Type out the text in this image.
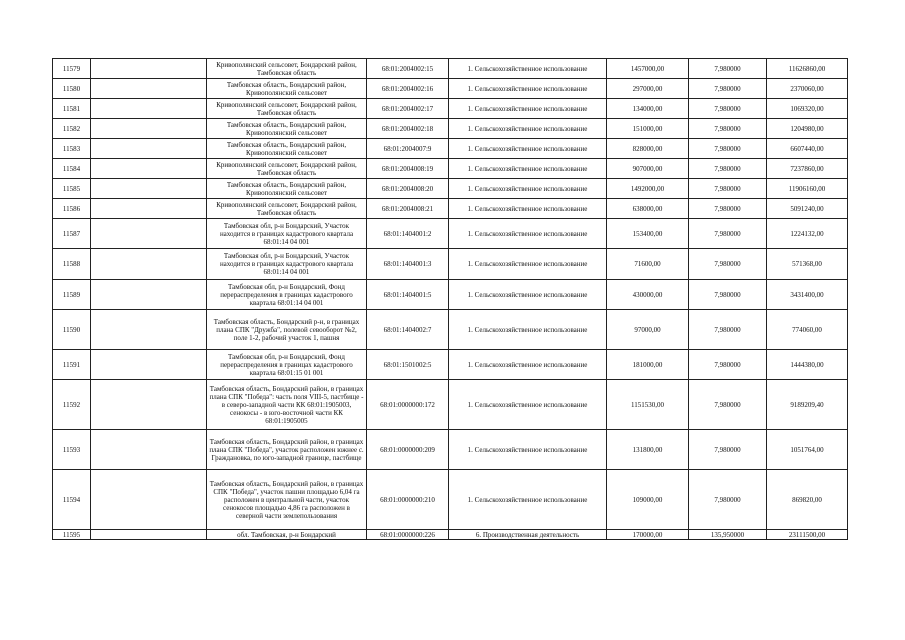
11579		Кривополянский сельсовет, Бондарский район, Тамбовская область	68:01:2004002:15	1. Сельскохозяйственное использование	1457000,00	7,980000	11626860,00
11580		Тамбовская область, Бондарский район, Кривополянский сельсовет	68:01:2004002:16	1. Сельскохозяйственное использование	297000,00	7,980000	2370060,00
11581		Кривополянский сельсовет, Бондарский район, Тамбовская область	68:01:2004002:17	1. Сельскохозяйственное использование	134000,00	7,980000	1069320,00
11582		Тамбовская область, Бондарский район, Кривополянский сельсовет	68:01:2004002:18	1. Сельскохозяйственное использование	151000,00	7,980000	1204980,00
11583		Тамбовская область, Бондарский район, Кривополянский сельсовет	68:01:2004007:9	1. Сельскохозяйственное использование	828000,00	7,980000	6607440,00
11584		Кривополянский сельсовет, Бондарский район, Тамбовская область	68:01:2004008:19	1. Сельскохозяйственное использование	907000,00	7,980000	7237860,00
11585		Тамбовская область, Бондарский район, Кривополянский сельсовет	68:01:2004008:20	1. Сельскохозяйственное использование	1492000,00	7,980000	11906160,00
11586		Кривополянский сельсовет, Бондарский район, Тамбовская область	68:01:2004008:21	1. Сельскохозяйственное использование	638000,00	7,980000	5091240,00
11587		Тамбовская обл, р-н Бондарский, Участок находится в границах кадастрового квартала 68:01:14 04 001	68:01:1404001:2	1. Сельскохозяйственное использование	153400,00	7,980000	1224132,00
11588		Тамбовская обл, р-н Бондарский, Участок находится в границах кадастрового квартала 68:01:14 04 001	68:01:1404001:3	1. Сельскохозяйственное использование	71600,00	7,980000	571368,00
11589		Тамбовская обл, р-н Бондарский, Фонд перераспределения в границах кадастрового квартала 68:01:14 04 001	68:01:1404001:5	1. Сельскохозяйственное использование	430000,00	7,980000	3431400,00
11590		Тамбовская область, Бондарский р-н, в границах плана СПК "Дружба", полевой севооборот №2, поле 1-2, рабочий участок 1, пашня	68:01:1404002:7	1. Сельскохозяйственное использование	97000,00	7,980000	774060,00
11591		Тамбовская обл, р-н Бондарский, Фонд перераспределения в границах кадастрового квартала 68:01:15 01 001	68:01:1501002:5	1. Сельскохозяйственное использование	181000,00	7,980000	1444380,00
11592		Тамбовская область, Бондарский район, в границах плана СПК "Победа": часть поля VIII-5, пастбище - в северо-западной части КК 68:01:1905003, сенокосы - в юго-восточной части КК 68:01:1905005	68:01:0000000:172	1. Сельскохозяйственное использование	1151530,00	7,980000	9189209,40
11593		Тамбовская область, Бондарский район, в границах плана СПК "Победа", участок расположен южнее с. Граждановка, по юго-западной границе, пастбище	68:01:0000000:209	1. Сельскохозяйственное использование	131800,00	7,980000	1051764,00
11594		Тамбовская область, Бондарский район, в границах СПК "Победа", участок пашни площадью 6,04 га расположен в центральной части, участок сенокосов площадью 4,86 га расположен в северной части землепользования	68:01:0000000:210	1. Сельскохозяйственное использование	109000,00	7,980000	869820,00
11595		обл. Тамбовская, р-н Бондарский	68:01:0000000:226	6. Производственная деятельность	170000,00	135,950000	23111500,00
